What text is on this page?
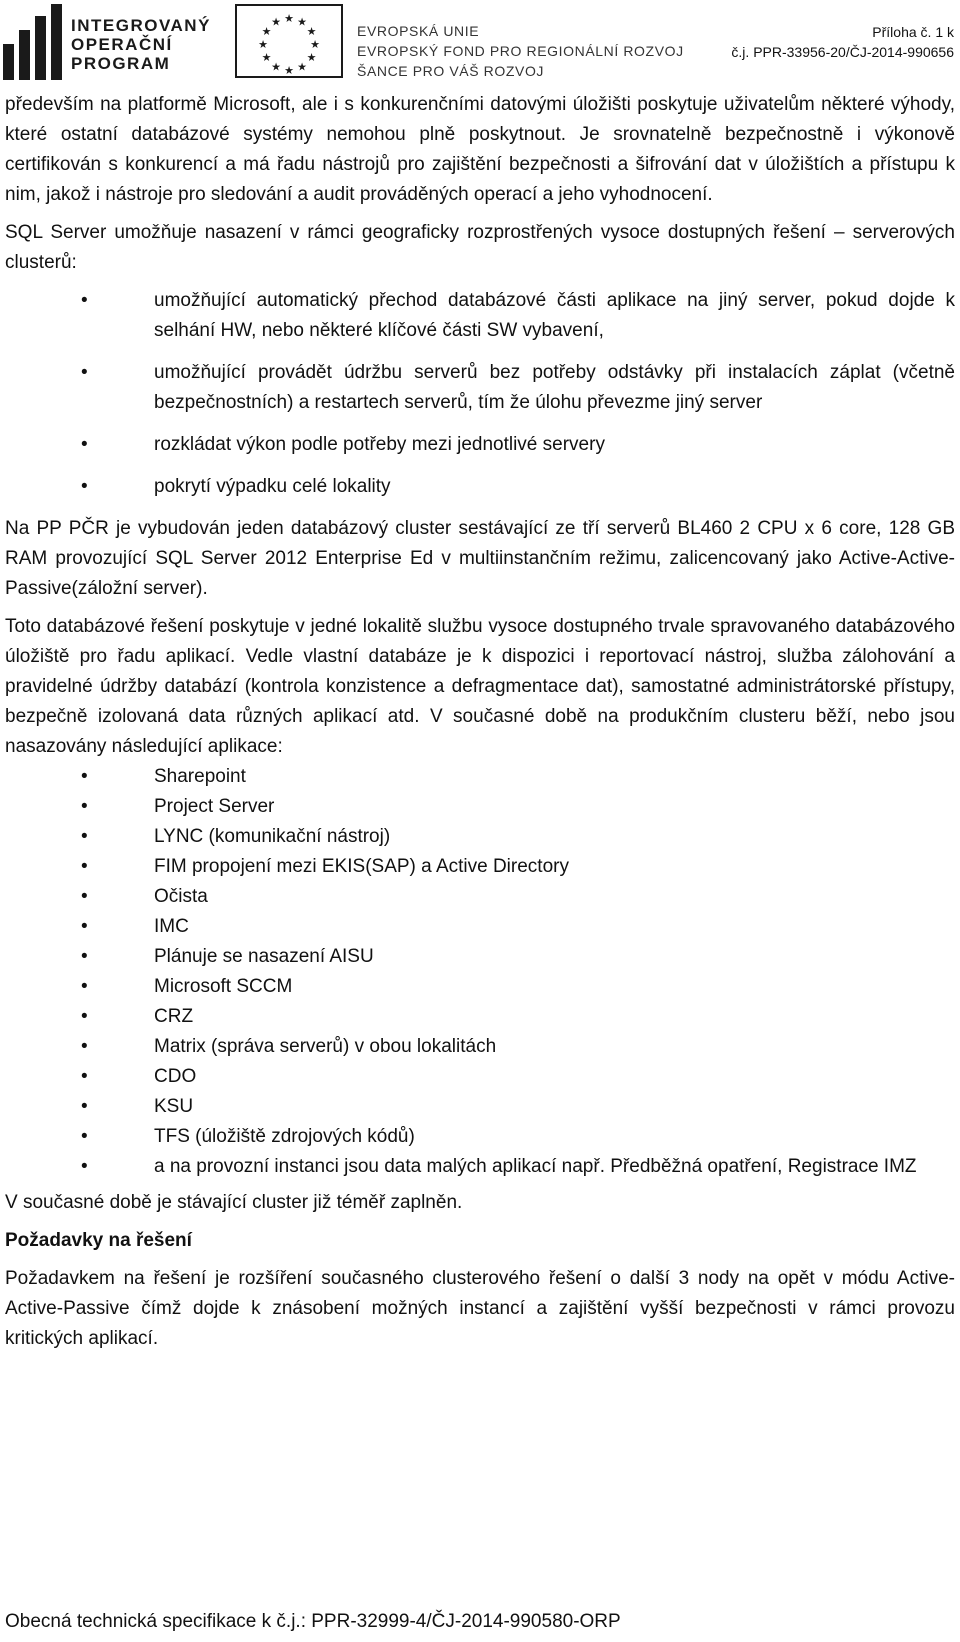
INTEGROVANÝ
OPERAČNÍ
PROGRAM
★ ★
★
★
★
★
★
★
★
★
★
★
EVROPSKÁ UNIE
EVROPSKÝ FOND PRO REGIONÁLNÍ ROZVOJ
ŠANCE PRO VÁŠ ROZVOJ
Příloha č. 1 k
č.j. PPR-33956-20/ČJ-2014-990656

především na platformě Microsoft, ale i s konkurenčními datovými úložišti poskytuje uživatelům některé výhody, které ostatní databázové systémy nemohou plně poskytnout. Je srovnatelně bezpečnostně i výkonově certifikován s konkurencí a má řadu nástrojů pro zajištění bezpečnosti a šifrování dat v úložištích a přístupu k nim, jakož i nástroje pro sledování a audit prováděných operací a jeho vyhodnocení.

SQL Server umožňuje nasazení v rámci geograficky rozprostřených vysoce dostupných řešení – serverových clusterů:

• umožňující automatický přechod databázové části aplikace na jiný server, pokud dojde k selhání HW, nebo některé klíčové části SW vybavení,
• umožňující provádět údržbu serverů bez potřeby odstávky při instalacích záplat (včetně bezpečnostních) a restartech serverů, tím že úlohu převezme jiný server
• rozkládat výkon podle potřeby mezi jednotlivé servery
• pokrytí výpadku celé lokality

Na PP PČR je vybudován jeden databázový cluster sestávající ze tří serverů BL460 2 CPU x 6 core, 128 GB RAM provozující SQL Server 2012 Enterprise Ed v multiinstančním režimu, zalicencovaný jako Active-Active-Passive(záložní server).

Toto databázové řešení poskytuje v jedné lokalitě službu vysoce dostupného trvale spravovaného databázového úložiště pro řadu aplikací. Vedle vlastní databáze je k dispozici i reportovací nástroj, služba zálohování a pravidelné údržby databází (kontrola konzistence a defragmentace dat), samostatné administrátorské přístupy, bezpečně izolovaná data různých aplikací atd. V současné době na produkčním clusteru běží, nebo jsou nasazovány následující aplikace:

• Sharepoint
• Project Server
• LYNC (komunikační nástroj)
• FIM propojení mezi EKIS(SAP) a Active Directory
• Očista
• IMC
• Plánuje se nasazení AISU
• Microsoft SCCM
• CRZ
• Matrix (správa serverů) v obou lokalitách
• CDO
• KSU
• TFS (úložiště zdrojových kódů)
• a na provozní instanci jsou data malých aplikací např. Předběžná opatření, Registrace IMZ

V současné době je stávající cluster již téměř zaplněn.

Požadavky na řešení

Požadavkem na řešení je rozšíření současného clusterového řešení o další 3 nody na opět v módu Active-Active-Passive čímž dojde k znásobení možných instancí a zajištění vyšší bezpečnosti v rámci provozu kritických aplikací.

Obecná technická specifikace k č.j.: PPR-32999-4/ČJ-2014-990580-ORP
